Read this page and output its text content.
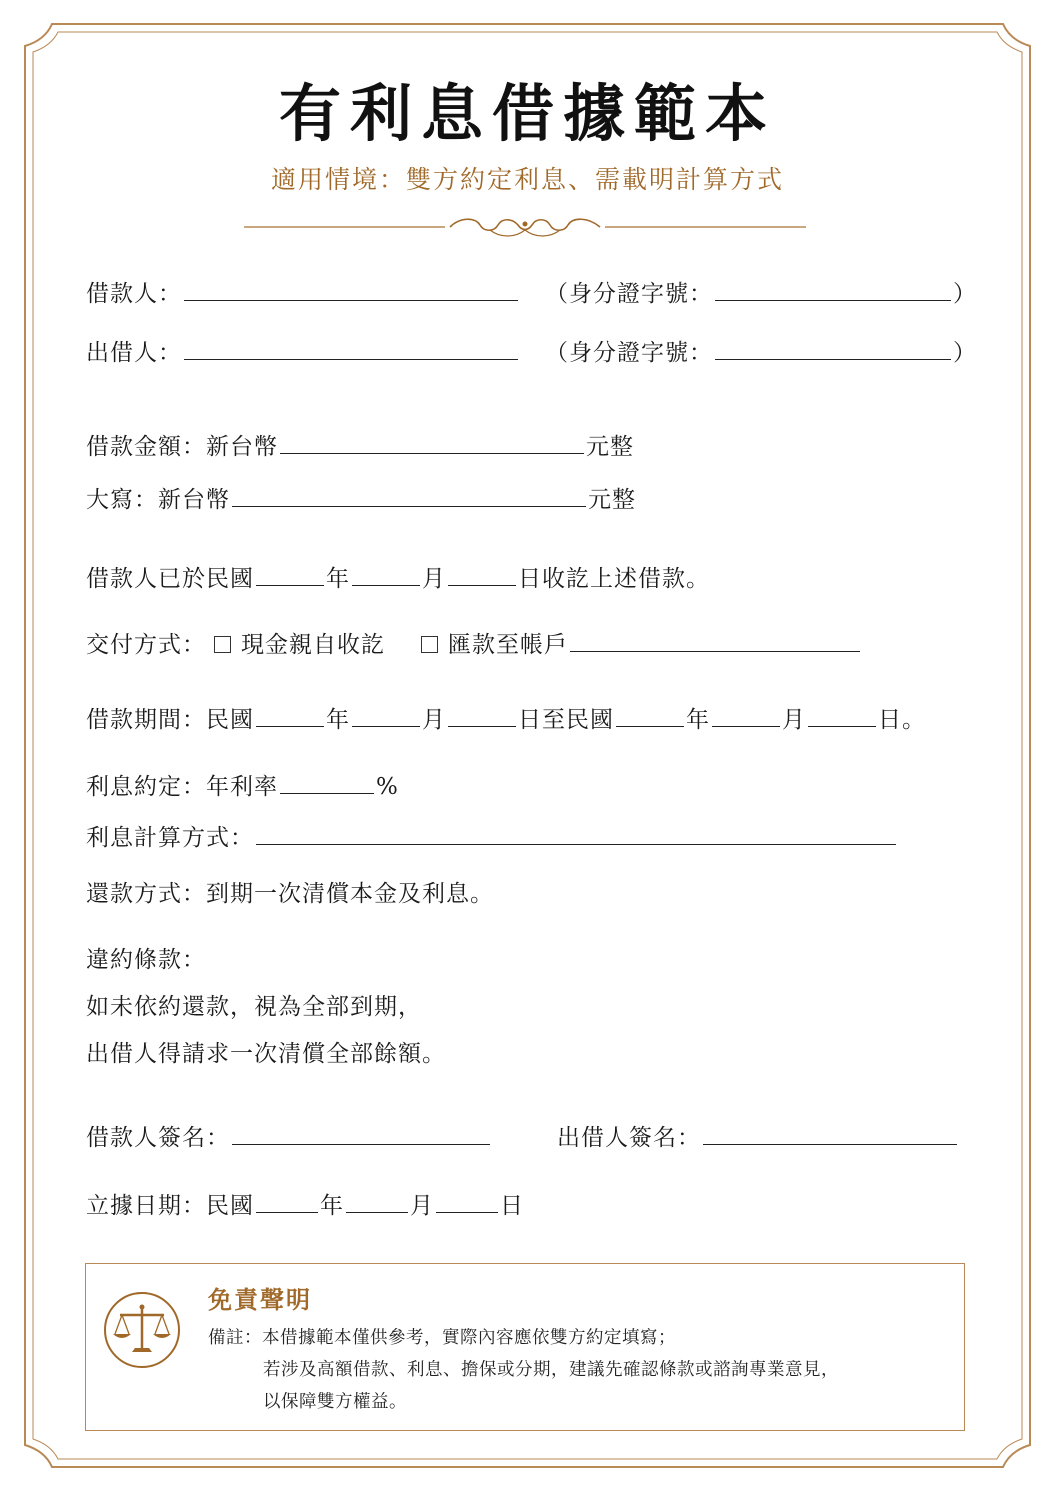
有利息借據範本
適用情境：雙方約定利息、需載明計算方式
借款人：	（身分證字號：	）
出借人：	（身分證字號：	）
借款金額：新台幣	元整
大寫：新台幣	元整
借款人已於民國	年	月	日收訖上述借款。
交付方式： 現金親自收訖	匯款至帳戶
借款期間：民國	年	月	日至民國	年	月	日。
利息約定：年利率	%
利息計算方式：
還款方式：到期一次清償本金及利息。
違約條款：
如未依約還款，視為全部到期，
出借人得請求一次清償全部餘額。
借款人簽名：	出借人簽名：
立據日期：民國	年	月	日
免責聲明
備註：本借據範本僅供參考，實際內容應依雙方約定填寫；
若涉及高額借款、利息、擔保或分期，建議先確認條款或諮詢專業意見，
以保障雙方權益。
